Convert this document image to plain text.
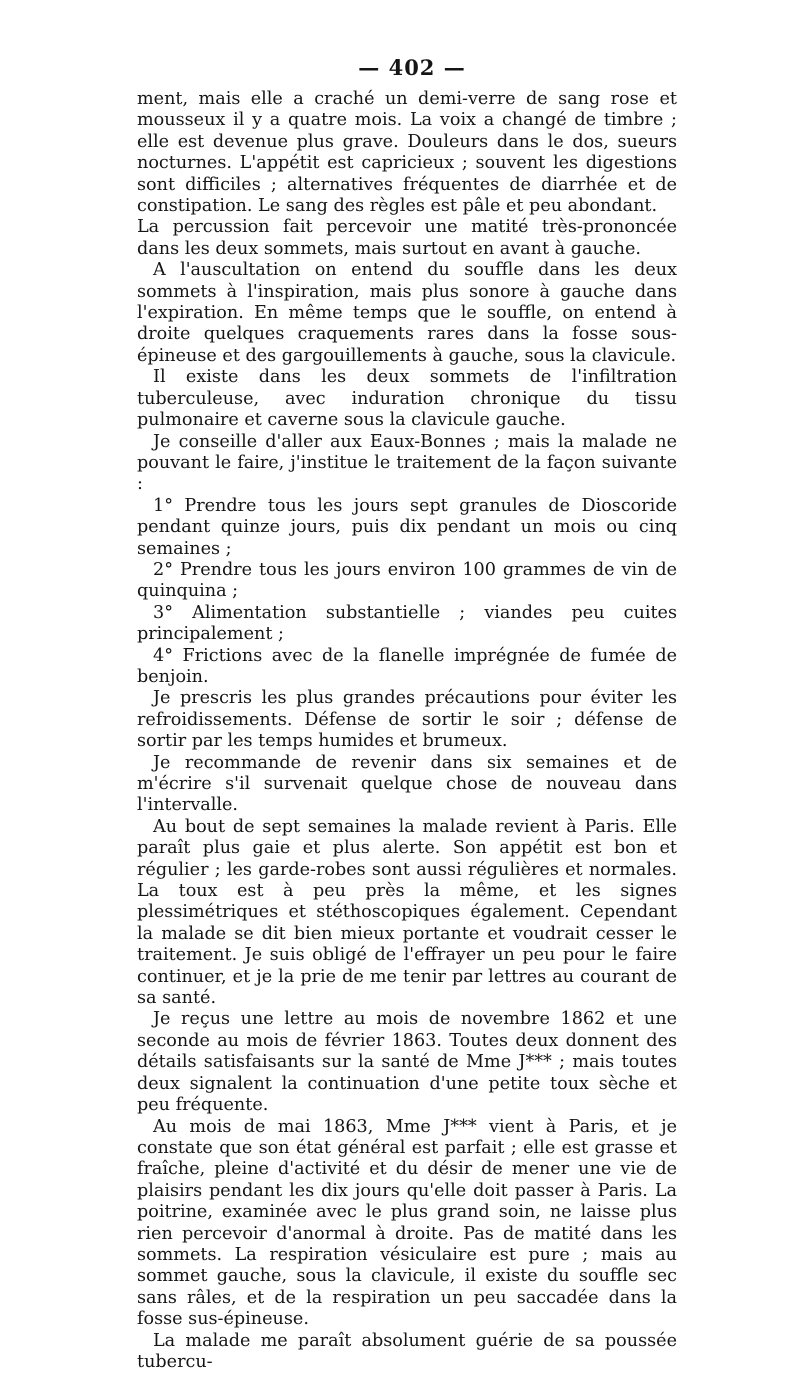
— 402 —

ment, mais elle a craché un demi-verre de sang rose et mousseux il y a quatre mois. La voix a changé de timbre ; elle est devenue plus grave. Douleurs dans le dos, sueurs nocturnes. L'appétit est capricieux ; souvent les digestions sont difficiles ; alternatives fréquentes de diarrhée et de constipation. Le sang des règles est pâle et peu abondant.

La percussion fait percevoir une matité très-prononcée dans les deux sommets, mais surtout en avant à gauche.

A l'auscultation on entend du souffle dans les deux sommets à l'inspiration, mais plus sonore à gauche dans l'expiration. En même temps que le souffle, on entend à droite quelques craquements rares dans la fosse sous-épineuse et des gargouillements à gauche, sous la clavicule.

Il existe dans les deux sommets de l'infiltration tuberculeuse, avec induration chronique du tissu pulmonaire et caverne sous la clavicule gauche.

Je conseille d'aller aux Eaux-Bonnes ; mais la malade ne pouvant le faire, j'institue le traitement de la façon suivante :

1° Prendre tous les jours sept granules de Dioscoride pendant quinze jours, puis dix pendant un mois ou cinq semaines ;

2° Prendre tous les jours environ 100 grammes de vin de quinquina ;

3° Alimentation substantielle ; viandes peu cuites principalement ;

4° Frictions avec de la flanelle imprégnée de fumée de benjoin.

Je prescris les plus grandes précautions pour éviter les refroidissements. Défense de sortir le soir ; défense de sortir par les temps humides et brumeux.

Je recommande de revenir dans six semaines et de m'écrire s'il survenait quelque chose de nouveau dans l'intervalle.

Au bout de sept semaines la malade revient à Paris. Elle paraît plus gaie et plus alerte. Son appétit est bon et régulier ; les garde-robes sont aussi régulières et normales. La toux est à peu près la même, et les signes plessimétriques et stéthoscopiques également. Cependant la malade se dit bien mieux portante et voudrait cesser le traitement. Je suis obligé de l'effrayer un peu pour le faire continuer, et je la prie de me tenir par lettres au courant de sa santé.

Je reçus une lettre au mois de novembre 1862 et une seconde au mois de février 1863. Toutes deux donnent des détails satisfaisants sur la santé de Mme J*** ; mais toutes deux signalent la continuation d'une petite toux sèche et peu fréquente.

Au mois de mai 1863, Mme J*** vient à Paris, et je constate que son état général est parfait ; elle est grasse et fraîche, pleine d'activité et du désir de mener une vie de plaisirs pendant les dix jours qu'elle doit passer à Paris. La poitrine, examinée avec le plus grand soin, ne laisse plus rien percevoir d'anormal à droite. Pas de matité dans les sommets. La respiration vésiculaire est pure ; mais au sommet gauche, sous la clavicule, il existe du souffle sec sans râles, et de la respiration un peu saccadée dans la fosse sus-épineuse.

La malade me paraît absolument guérie de sa poussée tubercu-
